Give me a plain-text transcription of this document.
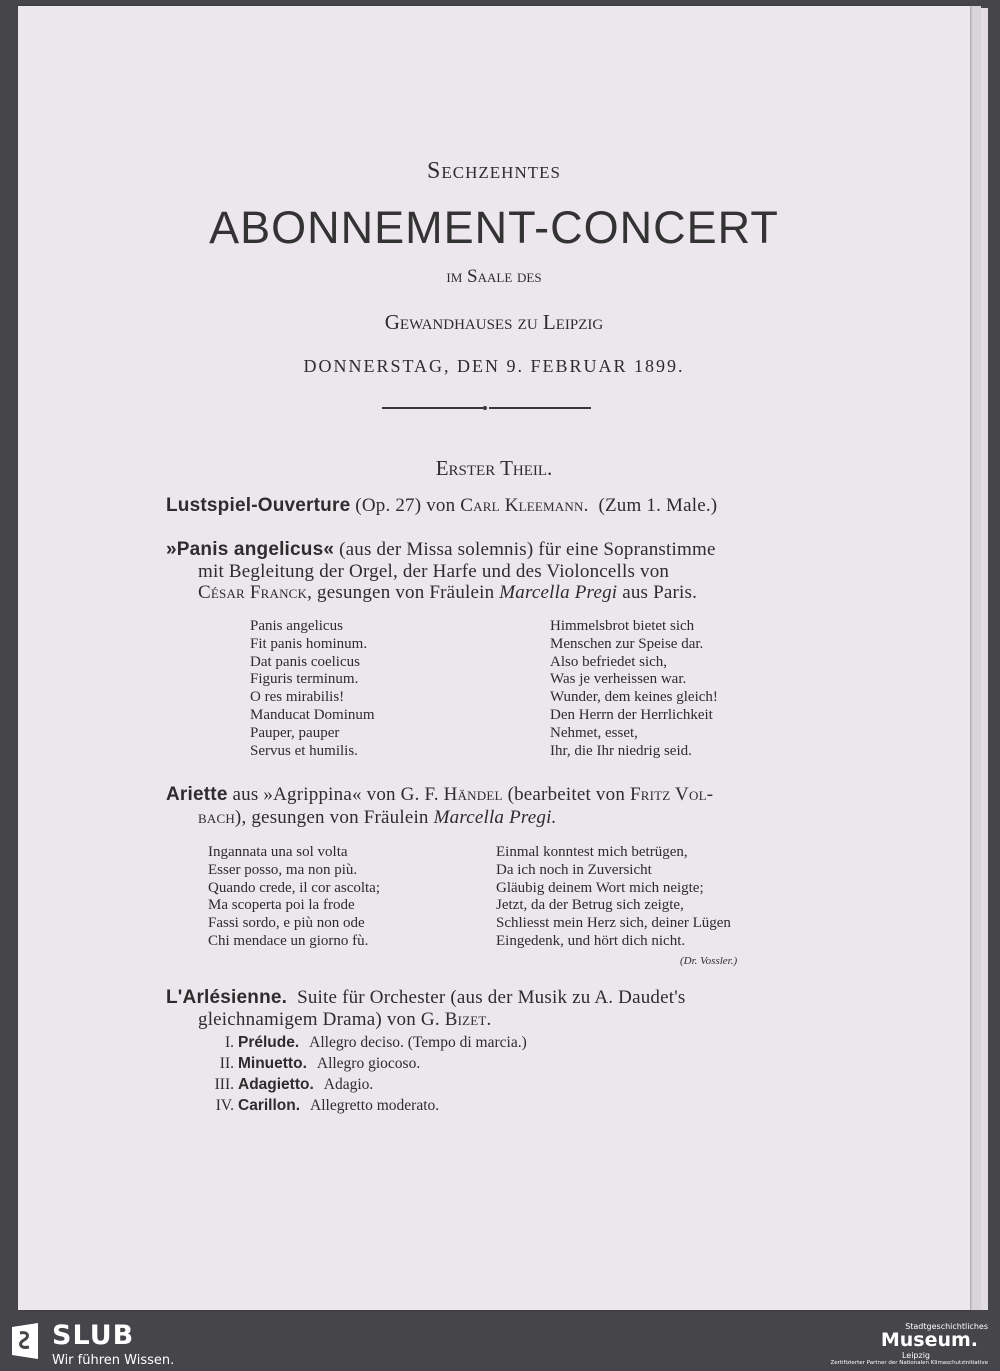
Sechzehntes
ABONNEMENT-CONCERT
im Saale des
Gewandhauses zu Leipzig
DONNERSTAG, DEN 9. FEBRUAR 1899.
Erster Theil.
Lustspiel-Ouverture (Op. 27) von Carl Kleemann. (Zum 1. Male.)
»Panis angelicus« (aus der Missa solemnis) für eine Sopranstimme
mit Begleitung der Orgel, der Harfe und des Violoncells von
César Franck, gesungen von Fräulein Marcella Pregi aus Paris.
Panis angelicus
Fit panis hominum.
Dat panis coelicus
Figuris terminum.
O res mirabilis!
Manducat Dominum
Pauper, pauper
Servus et humilis.
Himmelsbrot bietet sich
Menschen zur Speise dar.
Also befriedet sich,
Was je verheissen war.
Wunder, dem keines gleich!
Den Herrn der Herrlichkeit
Nehmet, esset,
Ihr, die Ihr niedrig seid.
Ariette aus »Agrippina« von G. F. Händel (bearbeitet von Fritz Vol-
bach), gesungen von Fräulein Marcella Pregi.
Ingannata una sol volta
Esser posso, ma non più.
Quando crede, il cor ascolta;
Ma scoperta poi la frode
Fassi sordo, e più non ode
Chi mendace un giorno fù.
Einmal konntest mich betrügen,
Da ich noch in Zuversicht
Gläubig deinem Wort mich neigte;
Jetzt, da der Betrug sich zeigte,
Schliesst mein Herz sich, deiner Lügen
Eingedenk, und hört dich nicht.
(Dr. Vossler.)
L'Arlésienne. Suite für Orchester (aus der Musik zu A. Daudet's
gleichnamigem Drama) von G. Bizet.
I. Prélude. Allegro deciso. (Tempo di marcia.)
II. Minuetto. Allegro giocoso.
III. Adagietto. Adagio.
IV. Carillon. Allegretto moderato.
SLUB
Wir führen Wissen.
Stadtgeschichtliches
Museum.
Leipzig
Zertifizierter Partner der Nationalen Klimaschutzinitiative
